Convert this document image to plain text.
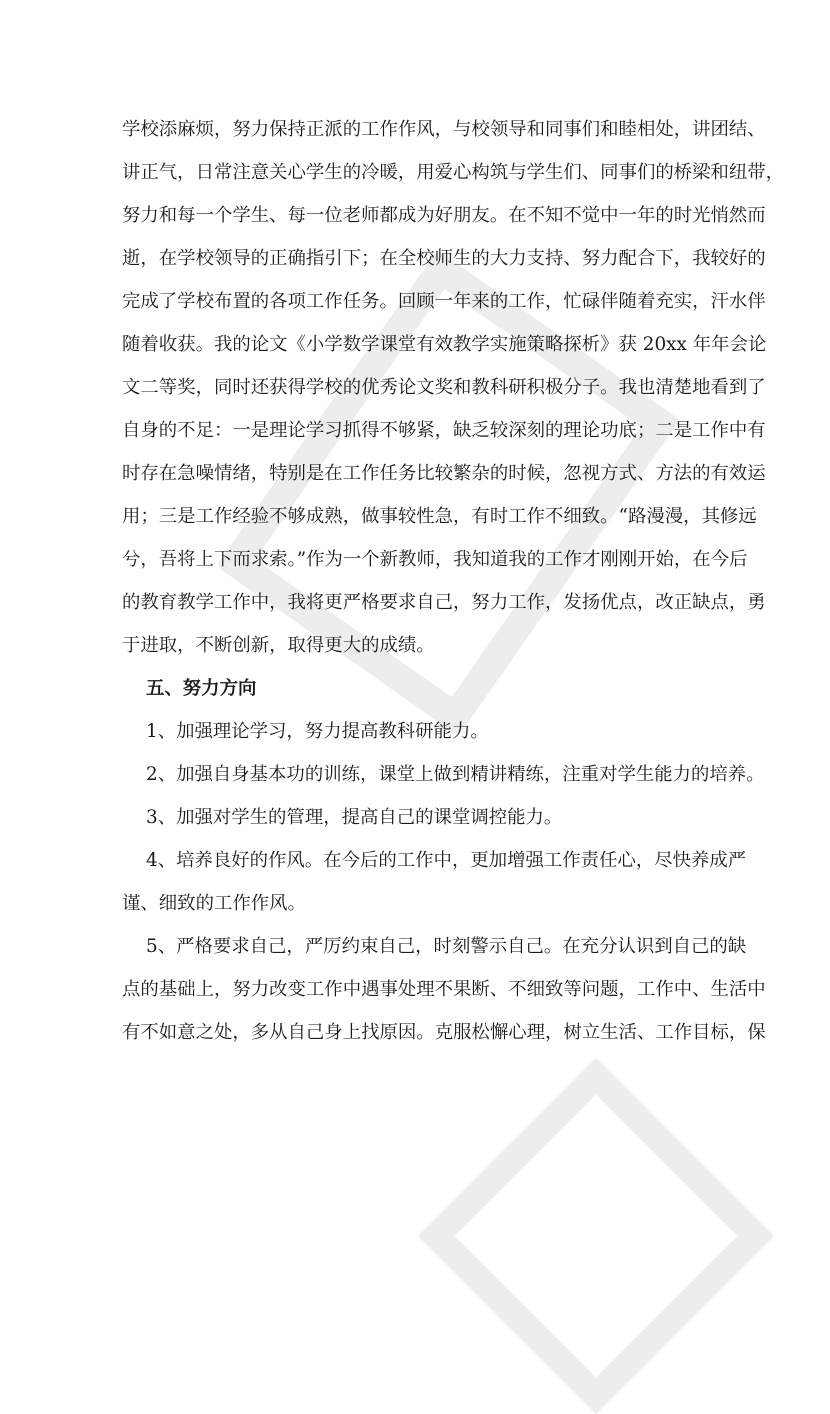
学校添麻烦，努力保持正派的工作作风，与校领导和同事们和睦相处，讲团结、
讲正气，日常注意关心学生的冷暖，用爱心构筑与学生们、同事们的桥梁和纽带，
努力和每一个学生、每一位老师都成为好朋友。在不知不觉中一年的时光悄然而
逝，在学校领导的正确指引下；在全校师生的大力支持、努力配合下，我较好的
完成了学校布置的各项工作任务。回顾一年来的工作，忙碌伴随着充实，汗水伴
随着收获。我的论文《小学数学课堂有效教学实施策略探析》获 20xx 年年会论
文二等奖，同时还获得学校的优秀论文奖和教科研积极分子。我也清楚地看到了
自身的不足：一是理论学习抓得不够紧，缺乏较深刻的理论功底；二是工作中有
时存在急噪情绪，特别是在工作任务比较繁杂的时候，忽视方式、方法的有效运
用；三是工作经验不够成熟，做事较性急，有时工作不细致。“路漫漫，其修远
兮，吾将上下而求索。”作为一个新教师，我知道我的工作才刚刚开始，在今后
的教育教学工作中，我将更严格要求自己，努力工作，发扬优点，改正缺点，勇
于进取，不断创新，取得更大的成绩。
五、努力方向
1、加强理论学习，努力提高教科研能力。
2、加强自身基本功的训练，课堂上做到精讲精练，注重对学生能力的培养。
3、加强对学生的管理，提高自己的课堂调控能力。
4、培养良好的作风。在今后的工作中，更加增强工作责任心，尽快养成严
谨、细致的工作作风。
5、严格要求自己，严厉约束自己，时刻警示自己。在充分认识到自己的缺
点的基础上，努力改变工作中遇事处理不果断、不细致等问题，工作中、生活中
有不如意之处，多从自己身上找原因。克服松懈心理，树立生活、工作目标，保
